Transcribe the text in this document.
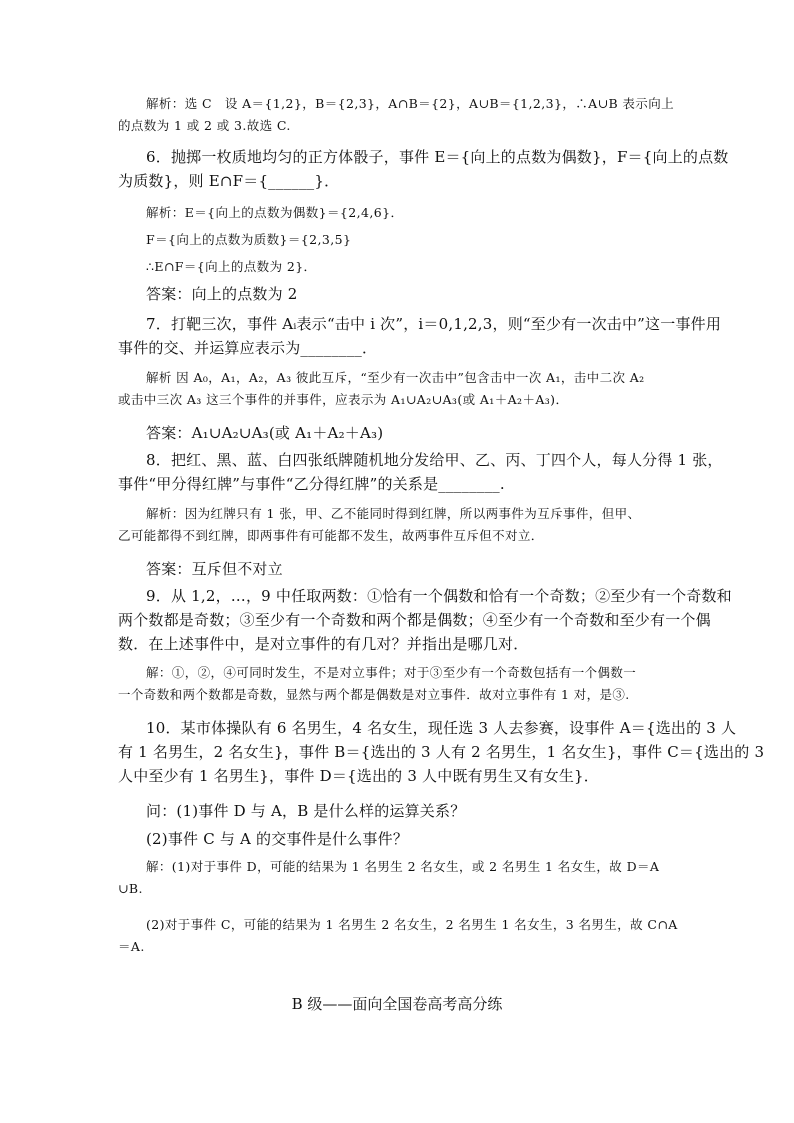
解析：选 C　设 A＝{1,2}，B＝{2,3}，A∩B＝{2}，A∪B＝{1,2,3}，∴A∪B 表示向上
的点数为 1 或 2 或 3.故选 C.
6．抛掷一枚质地均匀的正方体骰子，事件 E＝{向上的点数为偶数}，F＝{向上的点数
为质数}，则 E∩F＝{______}．
解析：E＝{向上的点数为偶数}＝{2,4,6}．
F＝{向上的点数为质数}＝{2,3,5}
∴E∩F＝{向上的点数为 2}．
答案：向上的点数为 2
7．打靶三次，事件 Aᵢ表示“击中 i 次”，i＝0,1,2,3，则“至少有一次击中”这一事件用
事件的交、并运算应表示为________．
解析 因 A₀，A₁，A₂，A₃ 彼此互斥，“至少有一次击中”包含击中一次 A₁，击中二次 A₂
或击中三次 A₃ 这三个事件的并事件，应表示为 A₁∪A₂∪A₃(或 A₁＋A₂＋A₃)．
答案：A₁∪A₂∪A₃(或 A₁＋A₂＋A₃)
8．把红、黑、蓝、白四张纸牌随机地分发给甲、乙、丙、丁四个人，每人分得 1 张，
事件“甲分得红牌”与事件“乙分得红牌”的关系是________.
解析：因为红牌只有 1 张，甲、乙不能同时得到红牌，所以两事件为互斥事件，但甲、
乙可能都得不到红牌，即两事件有可能都不发生，故两事件互斥但不对立．
答案：互斥但不对立
9．从 1,2，…，9 中任取两数：①恰有一个偶数和恰有一个奇数；②至少有一个奇数和
两个数都是奇数；③至少有一个奇数和两个都是偶数；④至少有一个奇数和至少有一个偶
数．在上述事件中，是对立事件的有几对？并指出是哪几对．
解：①，②，④可同时发生，不是对立事件；对于③至少有一个奇数包括有一个偶数一
一个奇数和两个数都是奇数，显然与两个都是偶数是对立事件．故对立事件有 1 对，是③.
10．某市体操队有 6 名男生，4 名女生，现任选 3 人去参赛，设事件 A＝{选出的 3 人
有 1 名男生，2 名女生}，事件 B＝{选出的 3 人有 2 名男生，1 名女生}，事件 C＝{选出的 3
人中至少有 1 名男生}，事件 D＝{选出的 3 人中既有男生又有女生}．
问：(1)事件 D 与 A，B 是什么样的运算关系？
(2)事件 C 与 A 的交事件是什么事件？
解：(1)对于事件 D，可能的结果为 1 名男生 2 名女生，或 2 名男生 1 名女生，故 D＝A
∪B.
(2)对于事件 C，可能的结果为 1 名男生 2 名女生，2 名男生 1 名女生，3 名男生，故 C∩A
＝A.
B 级——面向全国卷高考高分练
